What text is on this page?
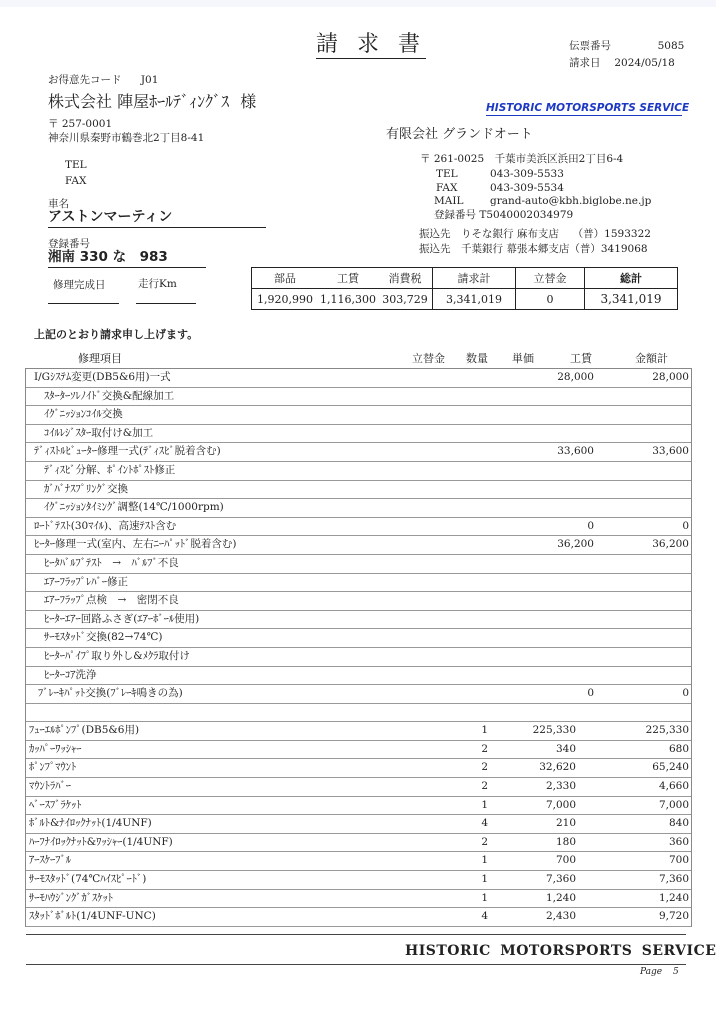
請 求 書	伝票番号	5085
請求日 2024/05/18
お得意先コード J01
株式会社 陣屋ﾎｰﾙﾃﾞｨﾝｸﾞｽ 様
〒 257-0001
神奈川県秦野市鶴巻北2丁目8-41
TEL
FAX
車名
アストンマーティン
登録番号
湘南 330 な　983
修理完成日	走行Km
HISTORIC MOTORSPORTS SERVICE
有限会社 グランドオート
〒 261-0025　千葉市美浜区浜田2丁目6-4
TEL	043-309-5533
FAX	043-309-5534
MAIL	grand-auto@kbh.biglobe.ne.jp
登録番号 T5040002034979
振込先　りそな銀行 麻布支店　 （普）1593322
振込先　千葉銀行 幕張本郷支店（普）3419068
部品	工賃	消費税	請求計	立替金	総計
1,920,990	1,116,300	303,729	3,341,019	0	3,341,019
上記のとおり請求申し上げます。
修理項目	立替金 数量 単価	工賃	金額計
I/Gｼｽﾃﾑ変更(DB5&6用)一式	28,000	28,000
ｽﾀｰﾀｰｿﾚﾉｲﾄﾞ交換&配線加工
ｲｸﾞﾆｯｼｮﾝｺｲﾙ交換
ｺｲﾙﾚｼﾞｽﾀｰ取付け&加工
ﾃﾞｨｽﾄﾙﾋﾞｭｰﾀｰ修理一式(ﾃﾞｨｽﾋﾞ脱着含む)	33,600	33,600
ﾃﾞｨｽﾋﾞ分解、ﾎﾟｲﾝﾄﾎﾟｽﾄ修正
ｶﾞﾊﾞﾅｽﾌﾟﾘﾝｸﾞ交換
ｲｸﾞﾆｯｼｮﾝﾀｲﾐﾝｸﾞ調整(14℃/1000rpm)
ﾛｰﾄﾞﾃｽﾄ(30ﾏｲﾙ)、高速ﾃｽﾄ含む	0	0
ﾋｰﾀｰ修理一式(室内、左右ﾆｰﾊﾟｯﾄﾞ脱着含む)	36,200	36,200
ﾋｰﾀﾊﾞﾙﾌﾞﾃｽﾄ　→　ﾊﾞﾙﾌﾞ不良
ｴｱｰﾌﾗｯﾌﾟﾚﾊﾞｰ修正
ｴｱｰﾌﾗｯﾌﾟ点検　→　密閉不良
ﾋｰﾀｰｴｱｰ回路ふさぎ(ｴｱｰﾎﾞｰﾙ使用)
ｻｰﾓｽﾀｯﾄﾞ交換(82→74℃)
ﾋｰﾀｰﾊﾟｲﾌﾟ取り外し&ﾒｸﾗ取付け
ﾋｰﾀｰｺｱ洗浄
ﾌﾞﾚｰｷﾊﾟｯﾄ交換(ﾌﾞﾚｰｷ鳴きの為)	0	0
ﾌｭｰｴﾙﾎﾟﾝﾌﾟ(DB5&6用)	1	225,330	225,330
ｶｯﾊﾟｰﾜｯｼｬｰ	2	340	680
ﾎﾟﾝﾌﾟﾏｳﾝﾄ	2	32,620	65,240
ﾏｳﾝﾄﾗﾊﾞｰ	2	2,330	4,660
ﾍﾞｰｽﾌﾞﾗｹｯﾄ	1	7,000	7,000
ﾎﾞﾙﾄ&ﾅｲﾛｯｸﾅｯﾄ(1/4UNF)	4	210	840
ﾊｰﾌﾅｲﾛｯｸﾅｯﾄ&ﾜｯｼｬｰ(1/4UNF)	2	180	360
ｱｰｽｹｰﾌﾞﾙ	1	700	700
ｻｰﾓｽﾀｯﾄﾞ(74℃ﾊｲｽﾋﾟｰﾄﾞ)	1	7,360	7,360
ｻｰﾓﾊｳｼﾞﾝｸﾞｶﾞｽｹｯﾄ	1	1,240	1,240
ｽﾀｯﾄﾞﾎﾞﾙﾄ(1/4UNF-UNC)	4	2,430	9,720
HISTORIC MOTORSPORTS SERVICE
Page 5
